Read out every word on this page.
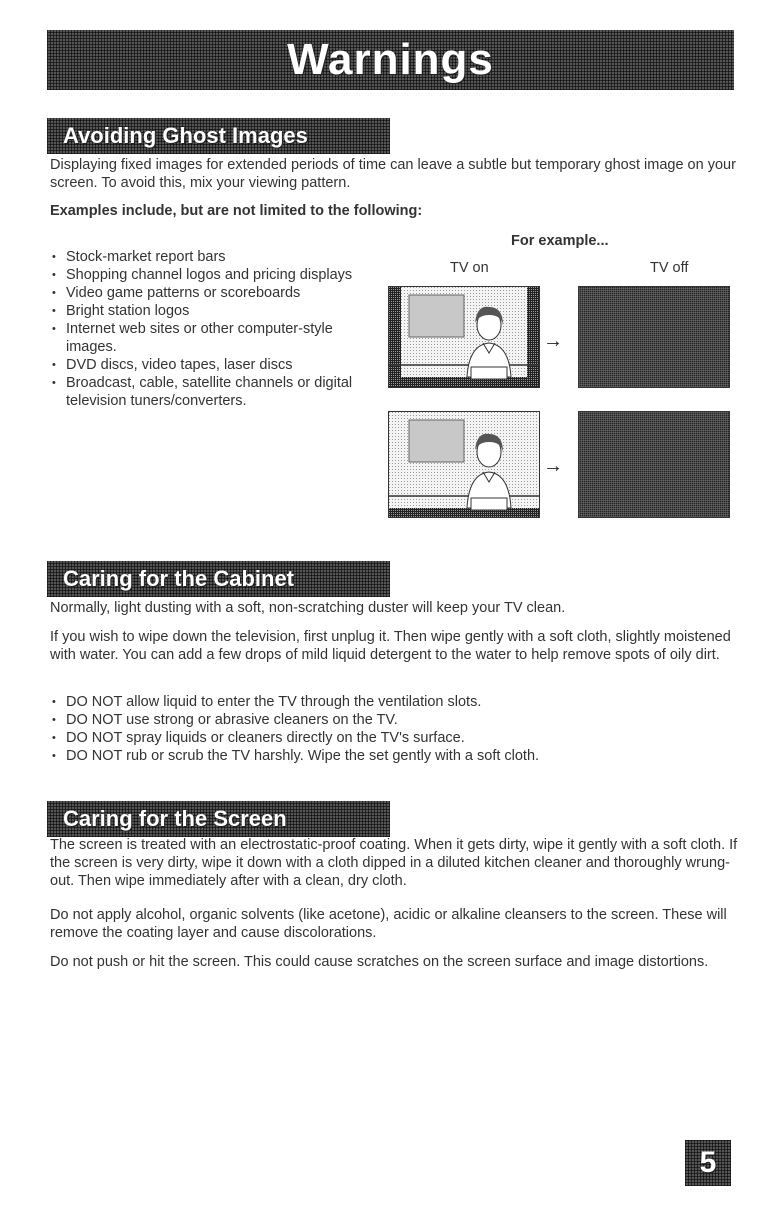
Warnings
Avoiding Ghost Images

Displaying fixed images for extended periods of time can leave a subtle but temporary ghost image on your screen. To avoid this, mix your viewing pattern.

Examples include, but are not limited to the following:

• Stock-market report bars
• Shopping channel logos and pricing displays
• Video game patterns or scoreboards
• Bright station logos
• Internet web sites or other computer-style images.
• DVD discs, video tapes, laser discs
• Broadcast, cable, satellite channels or digital television tuners/converters.

For example...

TV on	TV off

→
→
Caring for the Cabinet

Normally, light dusting with a soft, non-scratching duster will keep your TV clean.

If you wish to wipe down the television, first unplug it. Then wipe gently with a soft cloth, slightly moistened with water. You can add a few drops of mild liquid detergent to the water to help remove spots of oily dirt.

• DO NOT allow liquid to enter the TV through the ventilation slots.
• DO NOT use strong or abrasive cleaners on the TV.
• DO NOT spray liquids or cleaners directly on the TV's surface.
• DO NOT rub or scrub the TV harshly. Wipe the set gently with a soft cloth.
Caring for the Screen

The screen is treated with an electrostatic-proof coating. When it gets dirty, wipe it gently with a soft cloth. If the screen is very dirty, wipe it down with a cloth dipped in a diluted kitchen cleaner and thoroughly wrung-out. Then wipe immediately after with a clean, dry cloth.

Do not apply alcohol, organic solvents (like acetone), acidic or alkaline cleansers to the screen. These will remove the coating layer and cause discolorations.

Do not push or hit the screen. This could cause scratches on the screen surface and image distortions.

5
